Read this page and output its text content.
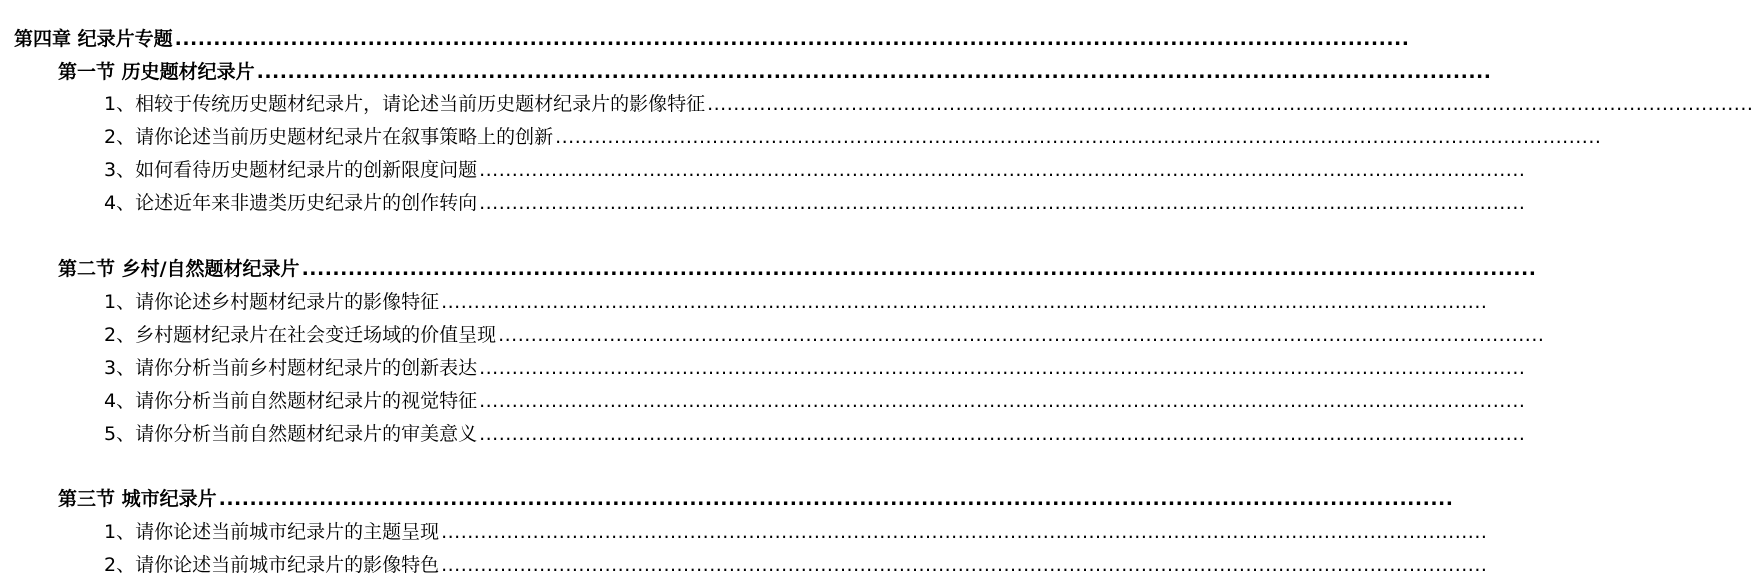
第四章 纪录片专题 ................................................................................................................................................................
第一节 历史题材纪录片 ................................................................................................................................................................
1、相较于传统历史题材纪录片，请论述当前历史题材纪录片的影像特征 ................................................................................................................................................................
2、请你论述当前历史题材纪录片在叙事策略上的创新 ................................................................................................................................................................
3、如何看待历史题材纪录片的创新限度问题 ................................................................................................................................................................
4、论述近年来非遗类历史纪录片的创作转向 ................................................................................................................................................................
第二节 乡村/自然题材纪录片 ................................................................................................................................................................
1、请你论述乡村题材纪录片的影像特征 ................................................................................................................................................................
2、乡村题材纪录片在社会变迁场域的价值呈现 ................................................................................................................................................................
3、请你分析当前乡村题材纪录片的创新表达 ................................................................................................................................................................
4、请你分析当前自然题材纪录片的视觉特征 ................................................................................................................................................................
5、请你分析当前自然题材纪录片的审美意义 ................................................................................................................................................................
第三节 城市纪录片 ................................................................................................................................................................
1、请你论述当前城市纪录片的主题呈现 ................................................................................................................................................................
2、请你论述当前城市纪录片的影像特色 ................................................................................................................................................................
